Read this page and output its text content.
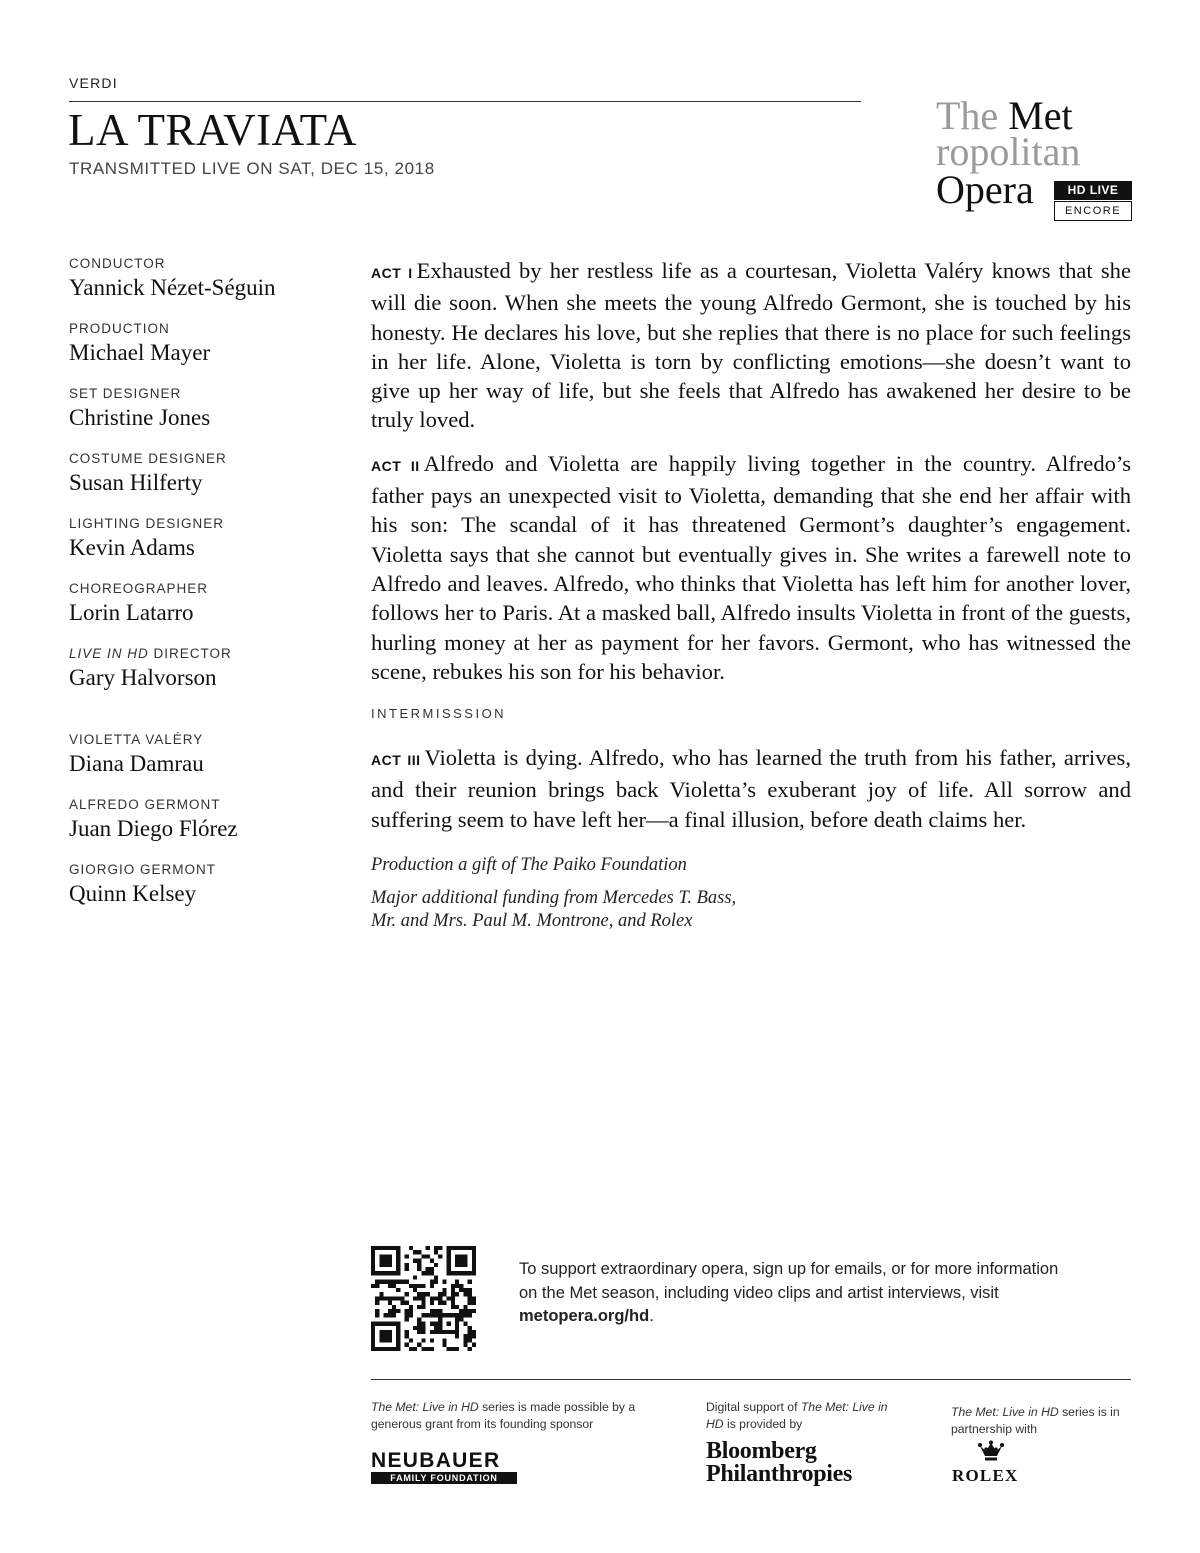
VERDI
LA TRAVIATA
TRANSMITTED LIVE ON SAT, DEC 15, 2018
The Met
ropolitan
Opera	HD LIVE
ENCORE
CONDUCTOR
Yannick Nézet-Séguin
PRODUCTION
Michael Mayer
SET DESIGNER
Christine Jones
COSTUME DESIGNER
Susan Hilferty
LIGHTING DESIGNER
Kevin Adams
CHOREOGRAPHER
Lorin Latarro
LIVE IN HD DIRECTOR
Gary Halvorson
VIOLETTA VALÉRY
Diana Damrau
ALFREDO GERMONT
Juan Diego Flórez
GIORGIO GERMONT
Quinn Kelsey

ACT I Exhausted by her restless life as a courtesan, Violetta Valéry knows that she will die soon. When she meets the young Alfredo Germont, she is touched by his honesty. He declares his love, but she replies that there is no place for such feelings in her life. Alone, Violetta is torn by conflicting emotions—she doesn’t want to give up her way of life, but she feels that Alfredo has awakened her desire to be truly loved.

ACT II Alfredo and Violetta are happily living together in the country. Alfredo’s father pays an unexpected visit to Violetta, demanding that she end her affair with his son: The scandal of it has threatened Germont’s daughter’s engagement. Violetta says that she cannot but eventually gives in. She writes a farewell note to Alfredo and leaves. Alfredo, who thinks that Violetta has left him for another lover, follows her to Paris. At a masked ball, Alfredo insults Violetta in front of the guests, hurling money at her as payment for her favors. Germont, who has witnessed the scene, rebukes his son for his behavior.

INTERMISSSION

ACT III Violetta is dying. Alfredo, who has learned the truth from his father, arrives, and their reunion brings back Violetta’s exuberant joy of life. All sorrow and suffering seem to have left her—a final illusion, before death claims her.

Production a gift of The Paiko Foundation
Major additional funding from Mercedes T. Bass,
Mr. and Mrs. Paul M. Montrone, and Rolex
To support extraordinary opera, sign up for emails, or for more information on the Met season, including video clips and artist interviews, visit metopera.org/hd.
The Met: Live in HD series is made possible by a generous grant from its founding sponsor
NEUBAUER
FAMILY FOUNDATION
Digital support of The Met: Live in HD is provided by
Bloomberg
Philanthropies
The Met: Live in HD series is in partnership with
ROLEX
